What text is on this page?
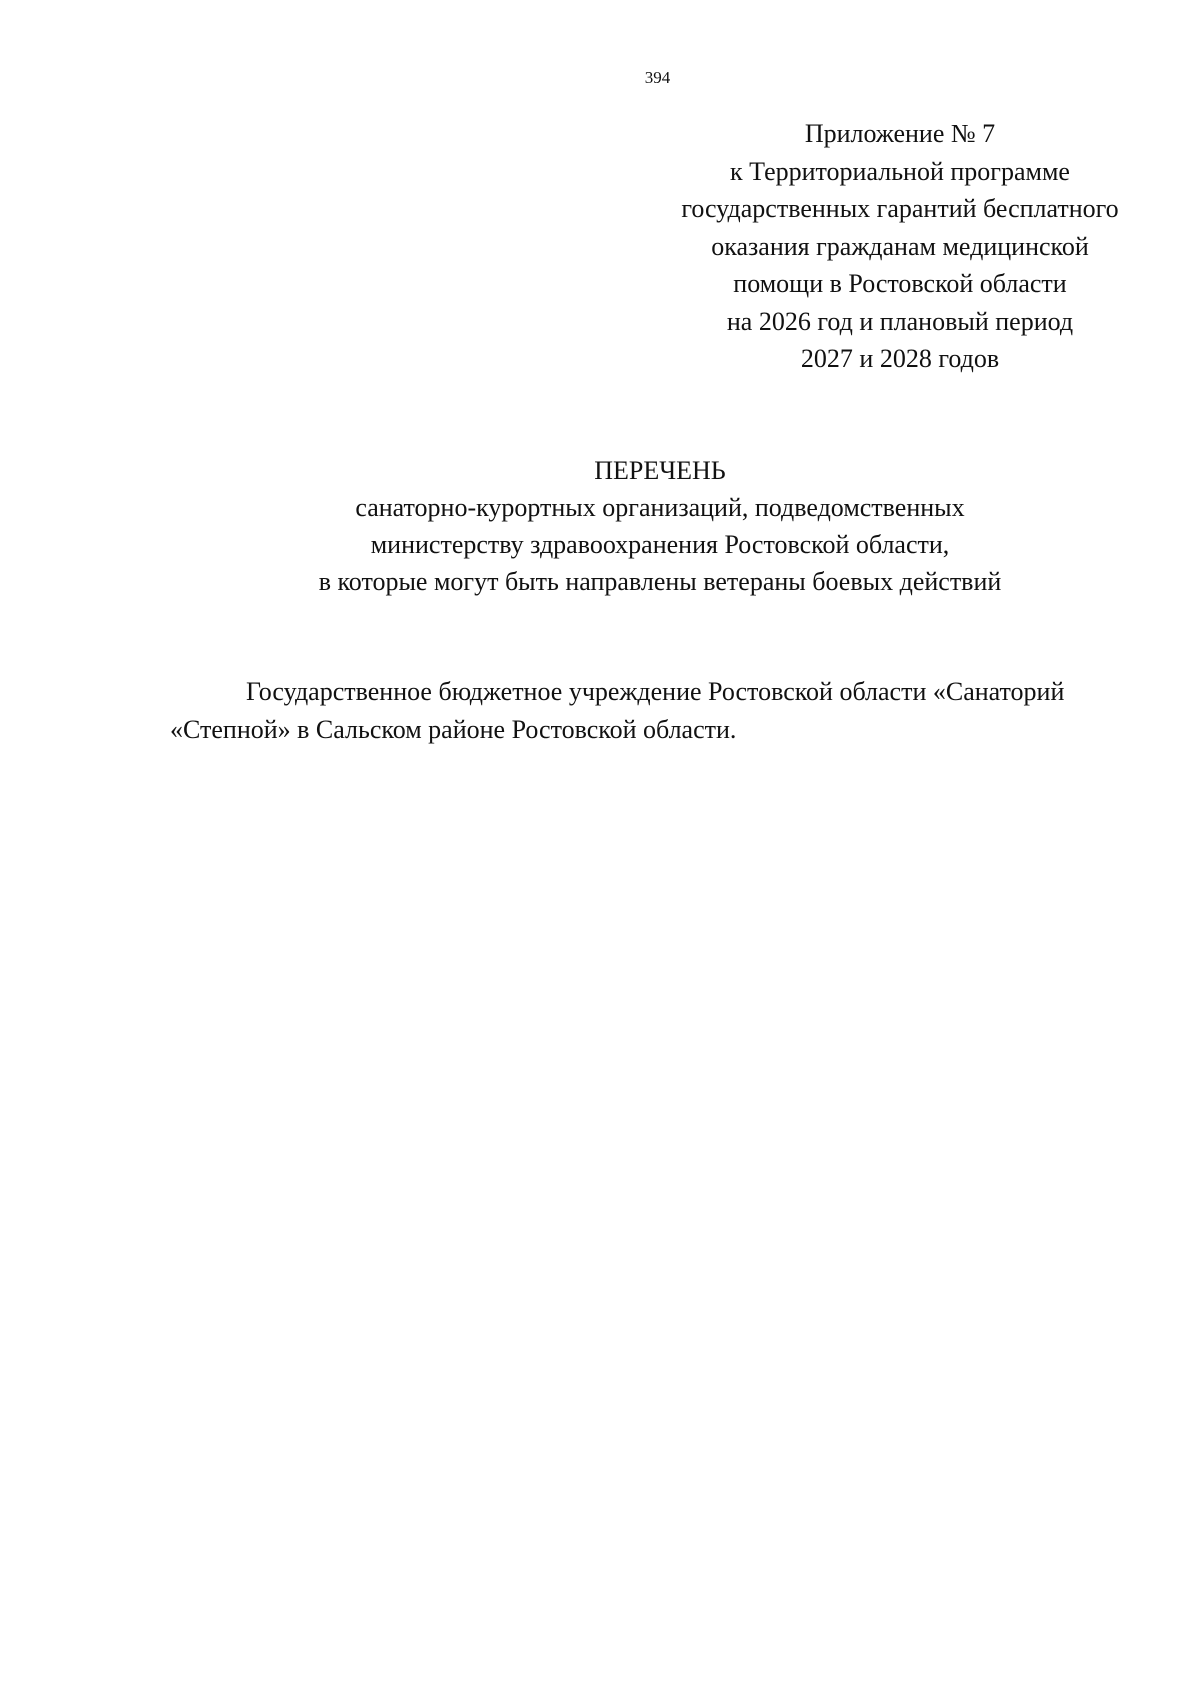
394
Приложение № 7
к Территориальной программе
государственных гарантий бесплатного
оказания гражданам медицинской
помощи в Ростовской области
на 2026 год и плановый период
2027 и 2028 годов
ПЕРЕЧЕНЬ
санаторно-курортных организаций, подведомственных
министерству здравоохранения Ростовской области,
в которые могут быть направлены ветераны боевых действий
Государственное бюджетное учреждение Ростовской области «Санаторий
«Степной» в Сальском районе Ростовской области.
